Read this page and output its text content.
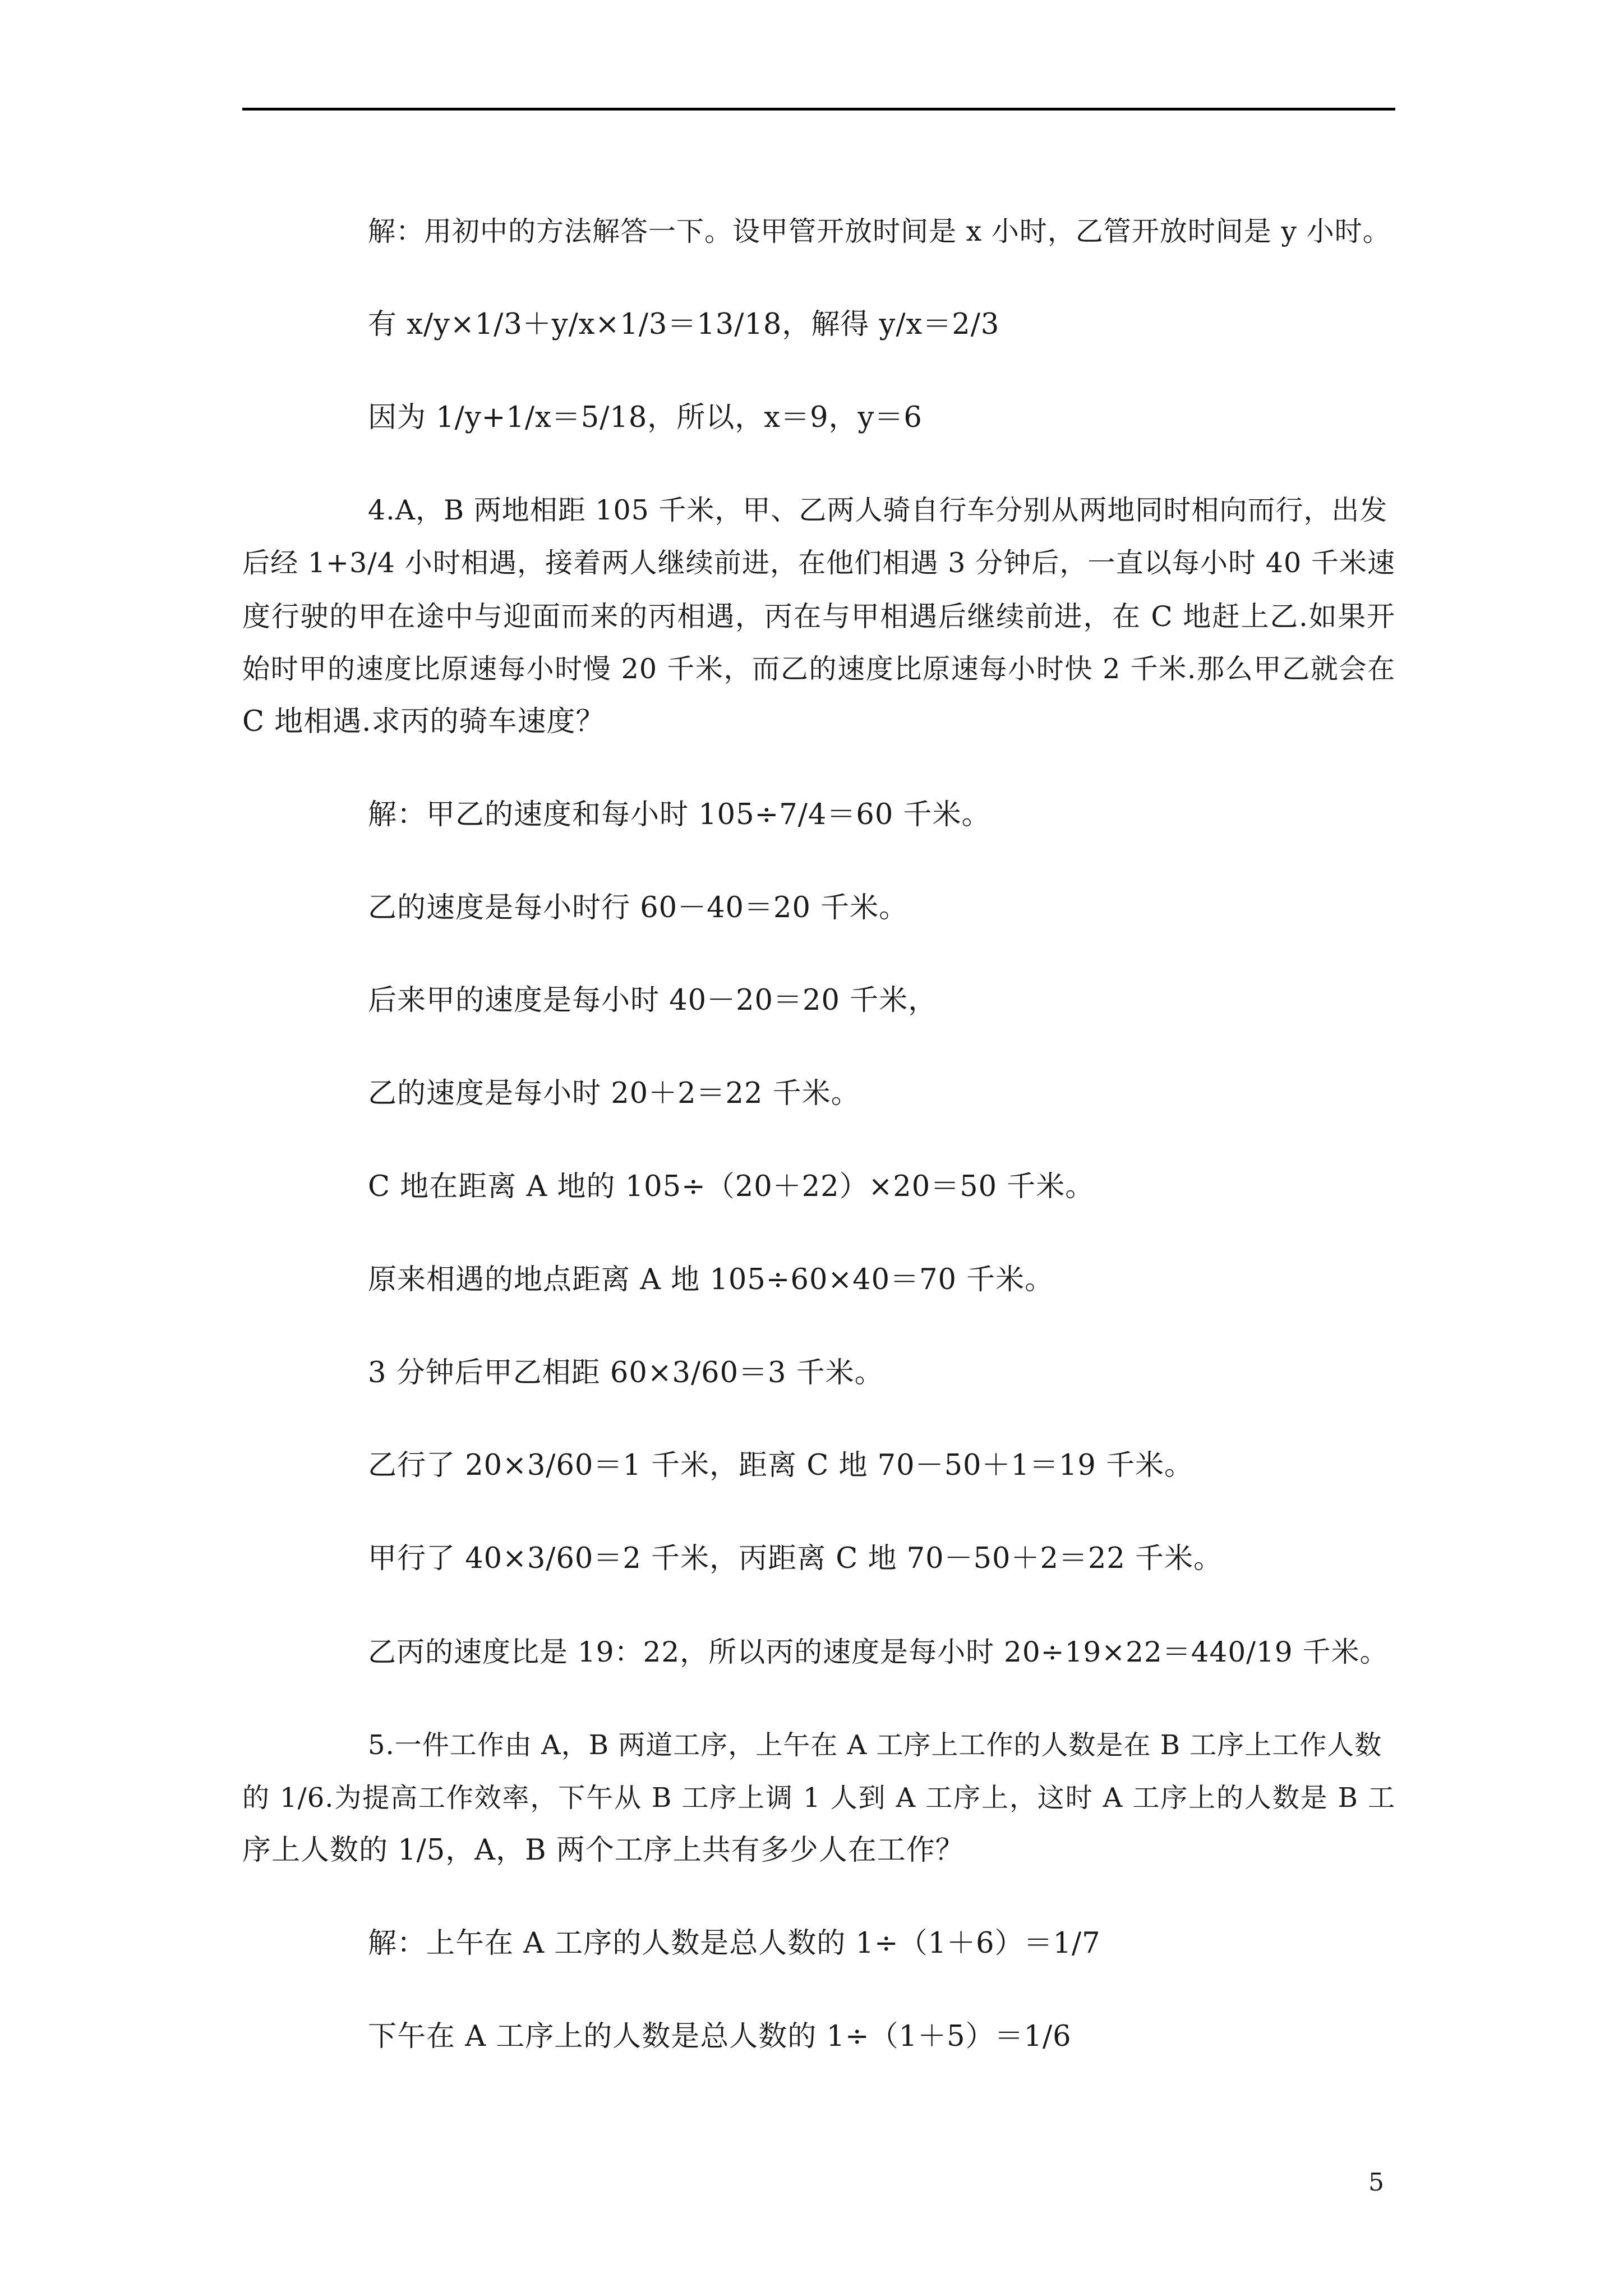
解：用初中的方法解答一下。设甲管开放时间是 x 小时，乙管开放时间是 y 小时。
有 x/y×1/3＋y/x×1/3＝13/18，解得 y/x＝2/3
因为 1/y+1/x＝5/18，所以，x＝9，y＝6
4.A，B 两地相距 105 千米，甲、乙两人骑自行车分别从两地同时相向而行，出发
后经 1+3/4 小时相遇，接着两人继续前进，在他们相遇 3 分钟后，一直以每小时 40 千米速
度行驶的甲在途中与迎面而来的丙相遇，丙在与甲相遇后继续前进，在 C 地赶上乙.如果开
始时甲的速度比原速每小时慢 20 千米，而乙的速度比原速每小时快 2 千米.那么甲乙就会在
C 地相遇.求丙的骑车速度？
解：甲乙的速度和每小时 105÷7/4＝60 千米。
乙的速度是每小时行 60－40＝20 千米。
后来甲的速度是每小时 40－20＝20 千米，
乙的速度是每小时 20＋2＝22 千米。
C 地在距离 A 地的 105÷（20＋22）×20＝50 千米。
原来相遇的地点距离 A 地 105÷60×40＝70 千米。
3 分钟后甲乙相距 60×3/60＝3 千米。
乙行了 20×3/60＝1 千米，距离 C 地 70－50＋1＝19 千米。
甲行了 40×3/60＝2 千米，丙距离 C 地 70－50＋2＝22 千米。
乙丙的速度比是 19：22，所以丙的速度是每小时 20÷19×22＝440/19 千米。
5.一件工作由 A，B 两道工序，上午在 A 工序上工作的人数是在 B 工序上工作人数
的 1/6.为提高工作效率，下午从 B 工序上调 1 人到 A 工序上，这时 A 工序上的人数是 B 工
序上人数的 1/5，A，B 两个工序上共有多少人在工作？
解：上午在 A 工序的人数是总人数的 1÷（1＋6）＝1/7
下午在 A 工序上的人数是总人数的 1÷（1＋5）＝1/6
5
